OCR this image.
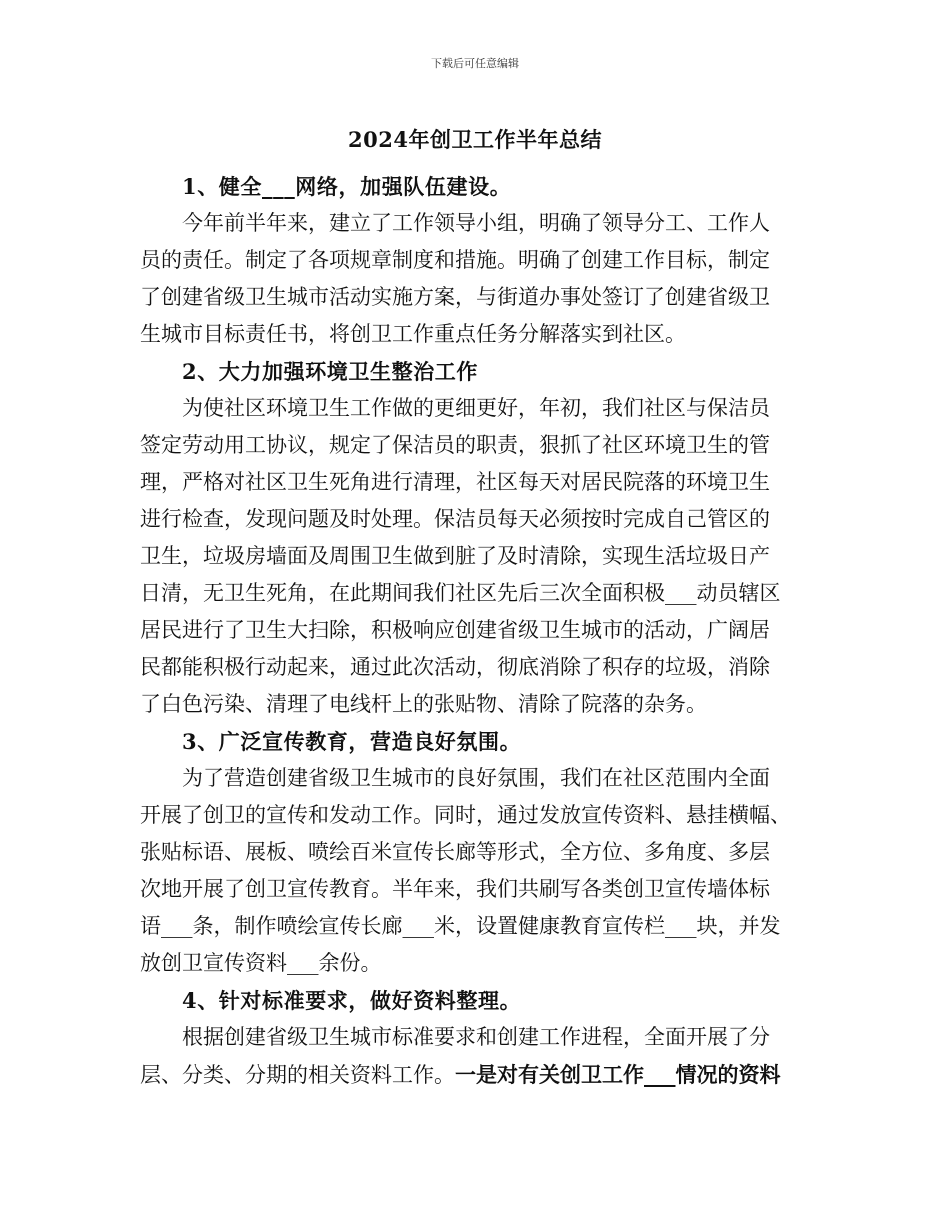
下载后可任意编辑
2024年创卫工作半年总结
1、健全___网络，加强队伍建设。
今年前半年来，建立了工作领导小组，明确了领导分工、工作人
员的责任。制定了各项规章制度和措施。明确了创建工作目标，制定
了创建省级卫生城市活动实施方案，与街道办事处签订了创建省级卫
生城市目标责任书，将创卫工作重点任务分解落实到社区。
2、大力加强环境卫生整治工作
为使社区环境卫生工作做的更细更好，年初，我们社区与保洁员
签定劳动用工协议，规定了保洁员的职责，狠抓了社区环境卫生的管
理，严格对社区卫生死角进行清理，社区每天对居民院落的环境卫生
进行检查，发现问题及时处理。保洁员每天必须按时完成自己管区的
卫生，垃圾房墙面及周围卫生做到脏了及时清除，实现生活垃圾日产
日清，无卫生死角，在此期间我们社区先后三次全面积极___动员辖区
居民进行了卫生大扫除，积极响应创建省级卫生城市的活动，广阔居
民都能积极行动起来，通过此次活动，彻底消除了积存的垃圾，消除
了白色污染、清理了电线杆上的张贴物、清除了院落的杂务。
3、广泛宣传教育，营造良好氛围。
为了营造创建省级卫生城市的良好氛围，我们在社区范围内全面
开展了创卫的宣传和发动工作。同时，通过发放宣传资料、悬挂横幅、
张贴标语、展板、喷绘百米宣传长廊等形式，全方位、多角度、多层
次地开展了创卫宣传教育。半年来，我们共刷写各类创卫宣传墙体标
语___条，制作喷绘宣传长廊___米，设置健康教育宣传栏___块，并发
放创卫宣传资料___余份。
4、针对标准要求，做好资料整理。
根据创建省级卫生城市标准要求和创建工作进程，全面开展了分
层、分类、分期的相关资料工作。一是对有关创卫工作___情况的资料
